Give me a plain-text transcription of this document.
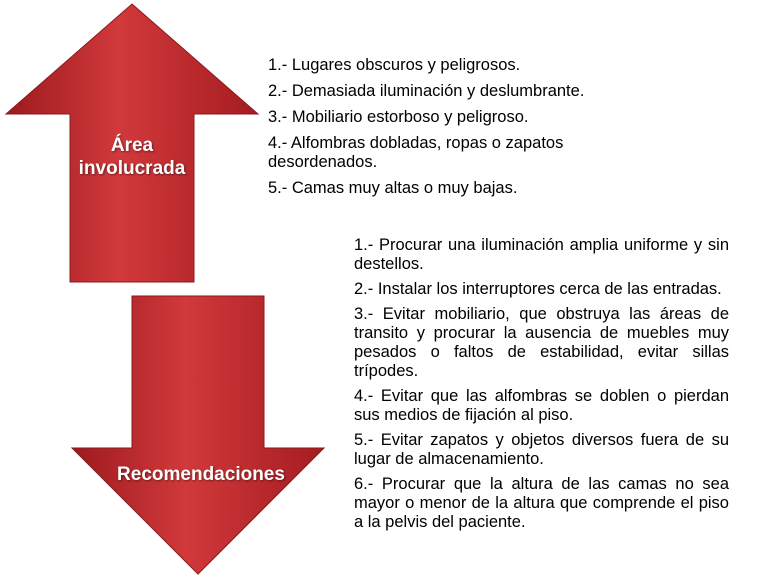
Área
involucrada
Recomendaciones
1.- Lugares obscuros y peligrosos.
2.- Demasiada iluminación y deslumbrante.
3.- Mobiliario estorboso y peligroso.
4.- Alfombras dobladas, ropas o zapatos desordenados.
5.- Camas muy altas o muy bajas.
1.- Procurar una iluminación amplia uniforme y sin destellos.
2.- Instalar los interruptores cerca de las entradas.
3.- Evitar mobiliario, que obstruya las áreas de transito y procurar la ausencia de muebles muy pesados o faltos de estabilidad, evitar sillas trípodes.
4.- Evitar que las alfombras se doblen o pierdan sus medios de fijación al piso.
5.- Evitar zapatos y objetos diversos fuera de su lugar de almacenamiento.
6.- Procurar que la altura de las camas no sea mayor o menor de la altura que comprende el piso a la pelvis del paciente.
